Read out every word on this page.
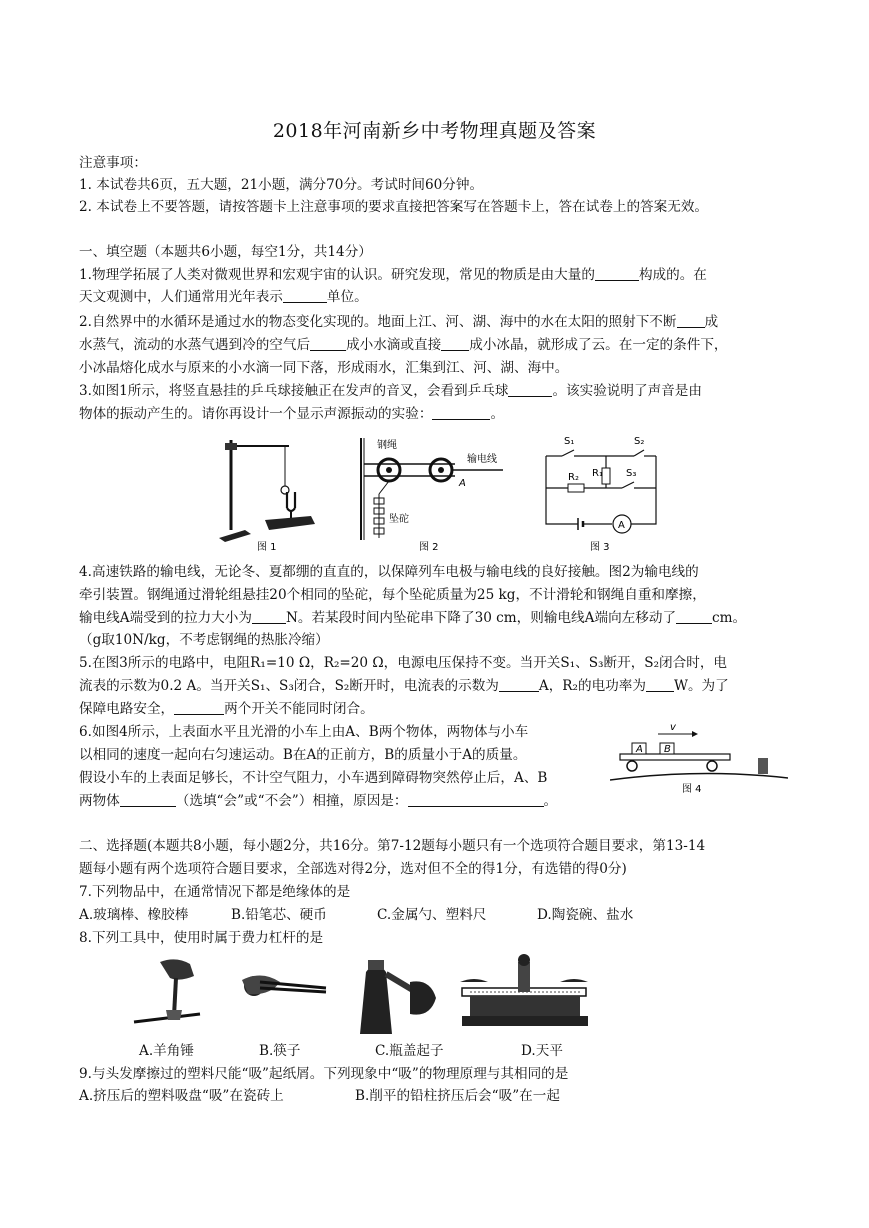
2018年河南新乡中考物理真题及答案
注意事项：
1. 本试卷共6页，五大题，21小题，满分70分。考试时间60分钟。
2. 本试卷上不要答题，请按答题卡上注意事项的要求直接把答案写在答题卡上，答在试卷上的答案无效。
一、填空题（本题共6小题，每空1分，共14分）
1.物理学拓展了人类对微观世界和宏观宇宙的认识。研究发现，常见的物质是由大量的	构成的。在
天文观测中，人们通常用光年表示	单位。
2.自然界中的水循环是通过水的物态变化实现的。地面上江、河、湖、海中的水在太阳的照射下不断 成
水蒸气，流动的水蒸气遇到冷的空气后	成小水滴或直接 成小冰晶，就形成了云。在一定的条件下，
小冰晶熔化成水与原来的小水滴一同下落，形成雨水，汇集到江、河、湖、海中。
3.如图1所示，将竖直悬挂的乒乓球接触正在发声的音叉，会看到乒乓球	。该实验说明了声音是由
物体的振动产生的。请你再设计一个显示声源振动的实验：	。
图 1
钢绳
输电线
A
坠砣
图 2
A
S₁	S₂
R₂ R₁ S₃
图 3
4.高速铁路的输电线，无论冬、夏都绷的直直的，以保障列车电极与输电线的良好接触。图2为输电线的
牵引装置。钢绳通过滑轮组悬挂20个相同的坠砣，每个坠砣质量为25 kg，不计滑轮和钢绳自重和摩擦，
输电线A端受到的拉力大小为	N。若某段时间内坠砣串下降了30 cm，则输电线A端向左移动了	cm。
（g取10N/kg，不考虑钢绳的热胀冷缩）
5.在图3所示的电路中，电阻R₁=10 Ω，R₂=20 Ω，电源电压保持不变。当开关S₁、S₃断开，S₂闭合时，电
流表的示数为0.2 A。当开关S₁、S₃闭合，S₂断开时，电流表的示数为	A，R₂的电功率为 W。为了
保障电路安全，	两个开关不能同时闭合。
6.如图4所示，上表面水平且光滑的小车上由A、B两个物体，两物体与小车
以相同的速度一起向右匀速运动。B在A的正前方，B的质量小于A的质量。
假设小车的上表面足够长，不计空气阻力，小车遇到障碍物突然停止后，A、B
两物体	（选填“会”或“不会”）相撞，原因是：	。
A B
v
图 4
二、选择题(本题共8小题，每小题2分，共16分。第7-12题每小题只有一个选项符合题目要求，第13-14
题每小题有两个选项符合题目要求，全部选对得2分，选对但不全的得1分，有选错的得0分)
7.下列物品中，在通常情况下都是绝缘体的是
A.玻璃棒、橡胶棒	B.铅笔芯、硬币	C.金属勺、塑料尺	D.陶瓷碗、盐水
8.下列工具中，使用时属于费力杠杆的是
A.羊角锤	B.筷子	C.瓶盖起子	D.天平
9.与头发摩擦过的塑料尺能“吸”起纸屑。下列现象中“吸”的物理原理与其相同的是
A.挤压后的塑料吸盘“吸”在瓷砖上	B.削平的铅柱挤压后会“吸”在一起
